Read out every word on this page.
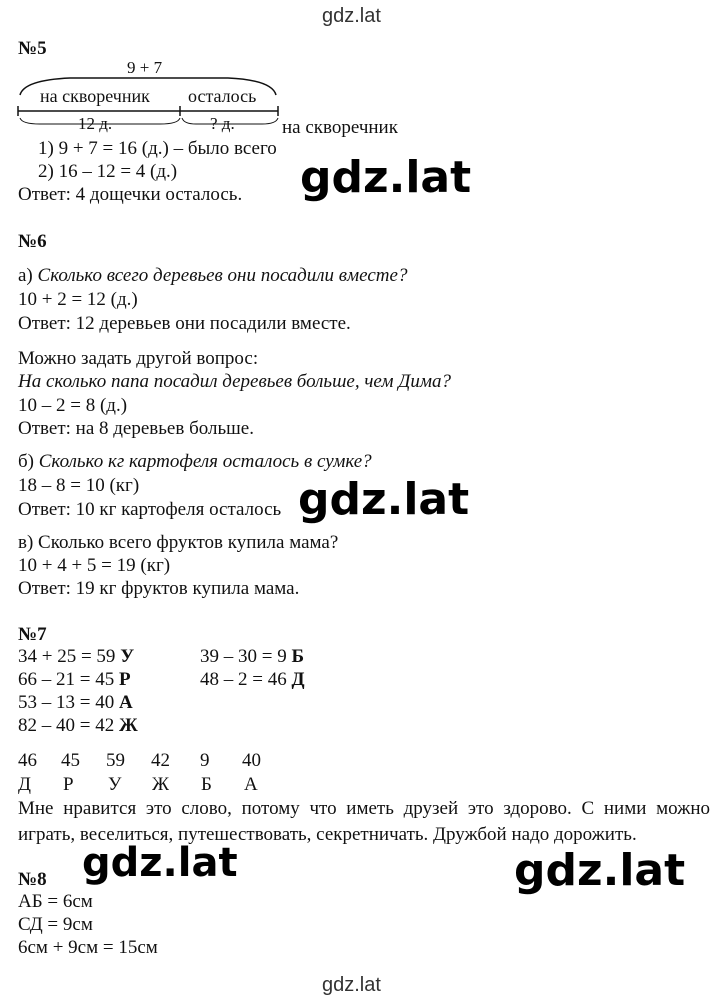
gdz.lat
gdz.lat
№5
9 + 7
на скворечник осталось
12 д.	? д. на скворечник
1) 9 + 7 = 16 (д.) – было всего
2) 16 – 12 = 4 (д.)
Ответ: 4 дощечки осталось. gdz.lat
№6
а) Сколько всего деревьев они посадили вместе?
10 + 2 = 12 (д.)
Ответ: 12 деревьев они посадили вместе.
Можно задать другой вопрос:
На сколько папа посадил деревьев больше, чем Дима?
10 – 2 = 8 (д.)
Ответ: на 8 деревьев больше.
б) Сколько кг картофеля осталось в сумке?
18 – 8 = 10 (кг)
Ответ: 10 кг картофеля осталось gdz.lat
в) Сколько всего фруктов купила мама?
10 + 4 + 5 = 19 (кг)
Ответ: 19 кг фруктов купила мама.
№7
34 + 25 = 59 У
66 – 21 = 45 Р
53 – 13 = 40 А
82 – 40 = 42 Ж
39 – 30 = 9 Б
48 – 2 = 46 Д
46 45 59 42 9 40
Д Р У Ж Б А
Мне нравится это слово, потому что иметь друзей это здорово. С ними можно играть, веселиться, путешествовать, секретничать. Дружбой надо дорожить.
gdz.lat	gdz.lat
№8
АБ = 6см
СД = 9см
6см + 9см = 15см
